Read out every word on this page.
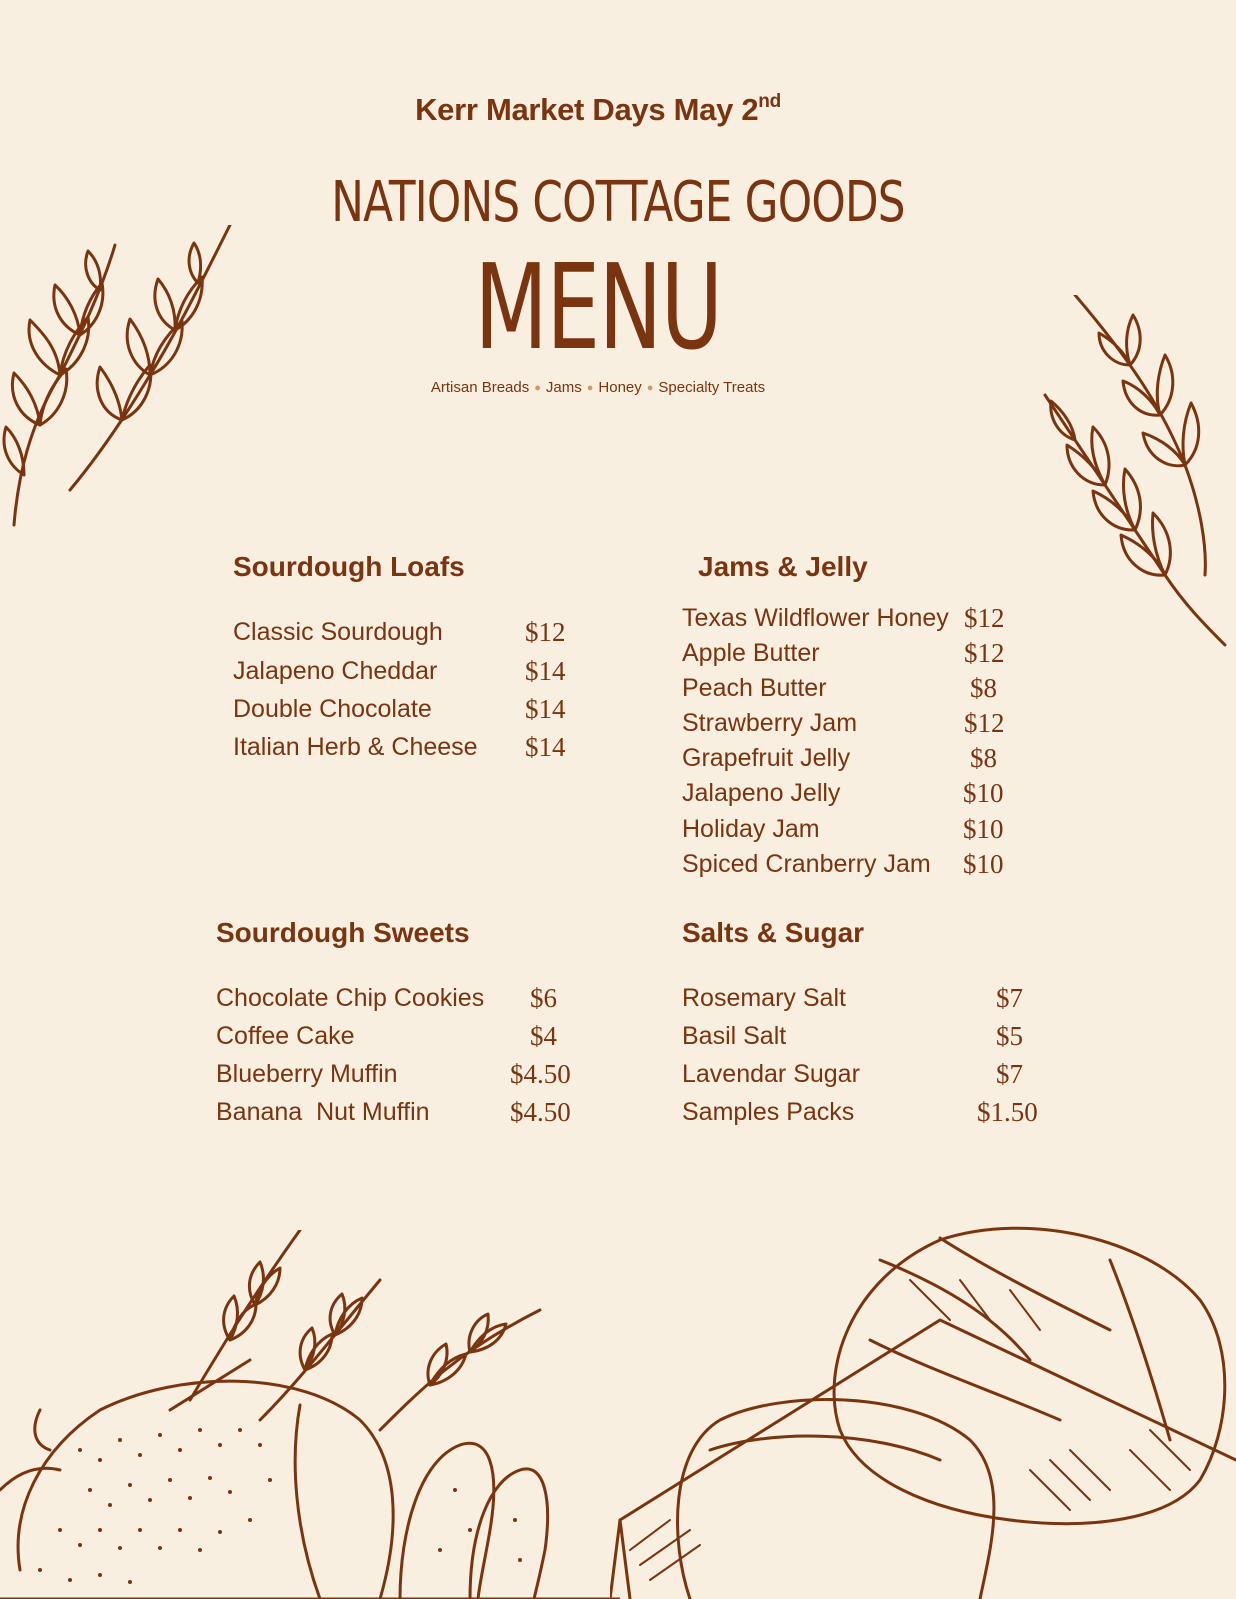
Kerr Market Days May 2nd
NATIONS COTTAGE GOODS
MENU
Artisan Breads ● Jams ● Honey ● Specialty Treats
Sourdough Loafs
Classic Sourdough	$12
Jalapeno Cheddar	$14
Double Chocolate	$14
Italian Herb & Cheese $14
Jams & Jelly
Texas Wildflower Honey $12
Apple Butter	$12
Peach Butter	$8
Strawberry Jam	$12
Grapefruit Jelly	$8
Jalapeno Jelly	$10
Holiday Jam	$10
Spiced Cranberry Jam $10
Sourdough Sweets
Chocolate Chip Cookies $6
Coffee Cake	$4
Blueberry Muffin	$4.50
Banana  Nut Muffin	$4.50
Salts & Sugar
Rosemary Salt	$7
Basil Salt	$5
Lavendar Sugar	$7
Samples Packs	$1.50
